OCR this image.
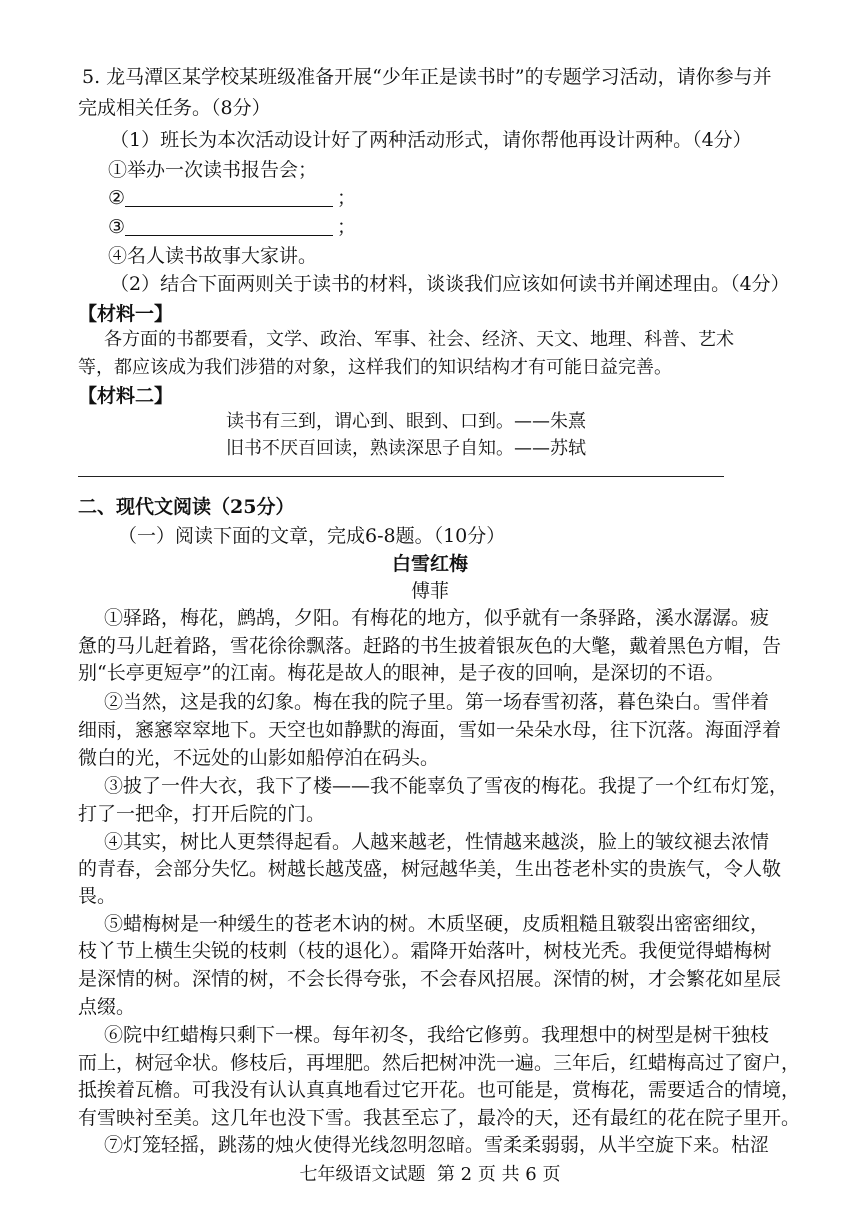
5. 龙马潭区某学校某班级准备开展“少年正是读书时”的专题学习活动，请你参与并
完成相关任务。（8分）
（1）班长为本次活动设计好了两种活动形式，请你帮他再设计两种。（4分）
①举办一次读书报告会；
②	；
③	；
④名人读书故事大家讲。
（2）结合下面两则关于读书的材料，谈谈我们应该如何读书并阐述理由。（4分）
【材料一】
各方面的书都要看，文学、政治、军事、社会、经济、天文、地理、科普、艺术
等，都应该成为我们涉猎的对象，这样我们的知识结构才有可能日益完善。
【材料二】
读书有三到，谓心到、眼到、口到。——朱熹
旧书不厌百回读，熟读深思子自知。——苏轼
二、现代文阅读（25分）
（一）阅读下面的文章，完成6-8题。（10分）
白雪红梅
傅菲
①驿路，梅花，鹧鸪，夕阳。有梅花的地方，似乎就有一条驿路，溪水潺潺。疲
惫的马儿赶着路，雪花徐徐飘落。赶路的书生披着银灰色的大氅，戴着黑色方帽，告
别“长亭更短亭”的江南。梅花是故人的眼神，是子夜的回响，是深切的不语。
②当然，这是我的幻象。梅在我的院子里。第一场春雪初落，暮色染白。雪伴着
细雨，窸窸窣窣地下。天空也如静默的海面，雪如一朵朵水母，往下沉落。海面浮着
微白的光，不远处的山影如船停泊在码头。
③披了一件大衣，我下了楼——我不能辜负了雪夜的梅花。我提了一个红布灯笼，
打了一把伞，打开后院的门。
④其实，树比人更禁得起看。人越来越老，性情越来越淡，脸上的皱纹褪去浓情
的青春，会部分失忆。树越长越茂盛，树冠越华美，生出苍老朴实的贵族气，令人敬
畏。
⑤蜡梅树是一种缓生的苍老木讷的树。木质坚硬，皮质粗糙且皲裂出密密细纹，
枝丫节上横生尖锐的枝刺（枝的退化）。霜降开始落叶，树枝光秃。我便觉得蜡梅树
是深情的树。深情的树，不会长得夸张，不会春风招展。深情的树，才会繁花如星辰
点缀。
⑥院中红蜡梅只剩下一棵。每年初冬，我给它修剪。我理想中的树型是树干独枝
而上，树冠伞状。修枝后，再埋肥。然后把树冲洗一遍。三年后，红蜡梅高过了窗户，
抵挨着瓦檐。可我没有认认真真地看过它开花。也可能是，赏梅花，需要适合的情境，
有雪映衬至美。这几年也没下雪。我甚至忘了，最冷的天，还有最红的花在院子里开。
⑦灯笼轻摇，跳荡的烛火使得光线忽明忽暗。雪柔柔弱弱，从半空旋下来。枯涩
七年级语文试题  第 2 页 共 6 页
